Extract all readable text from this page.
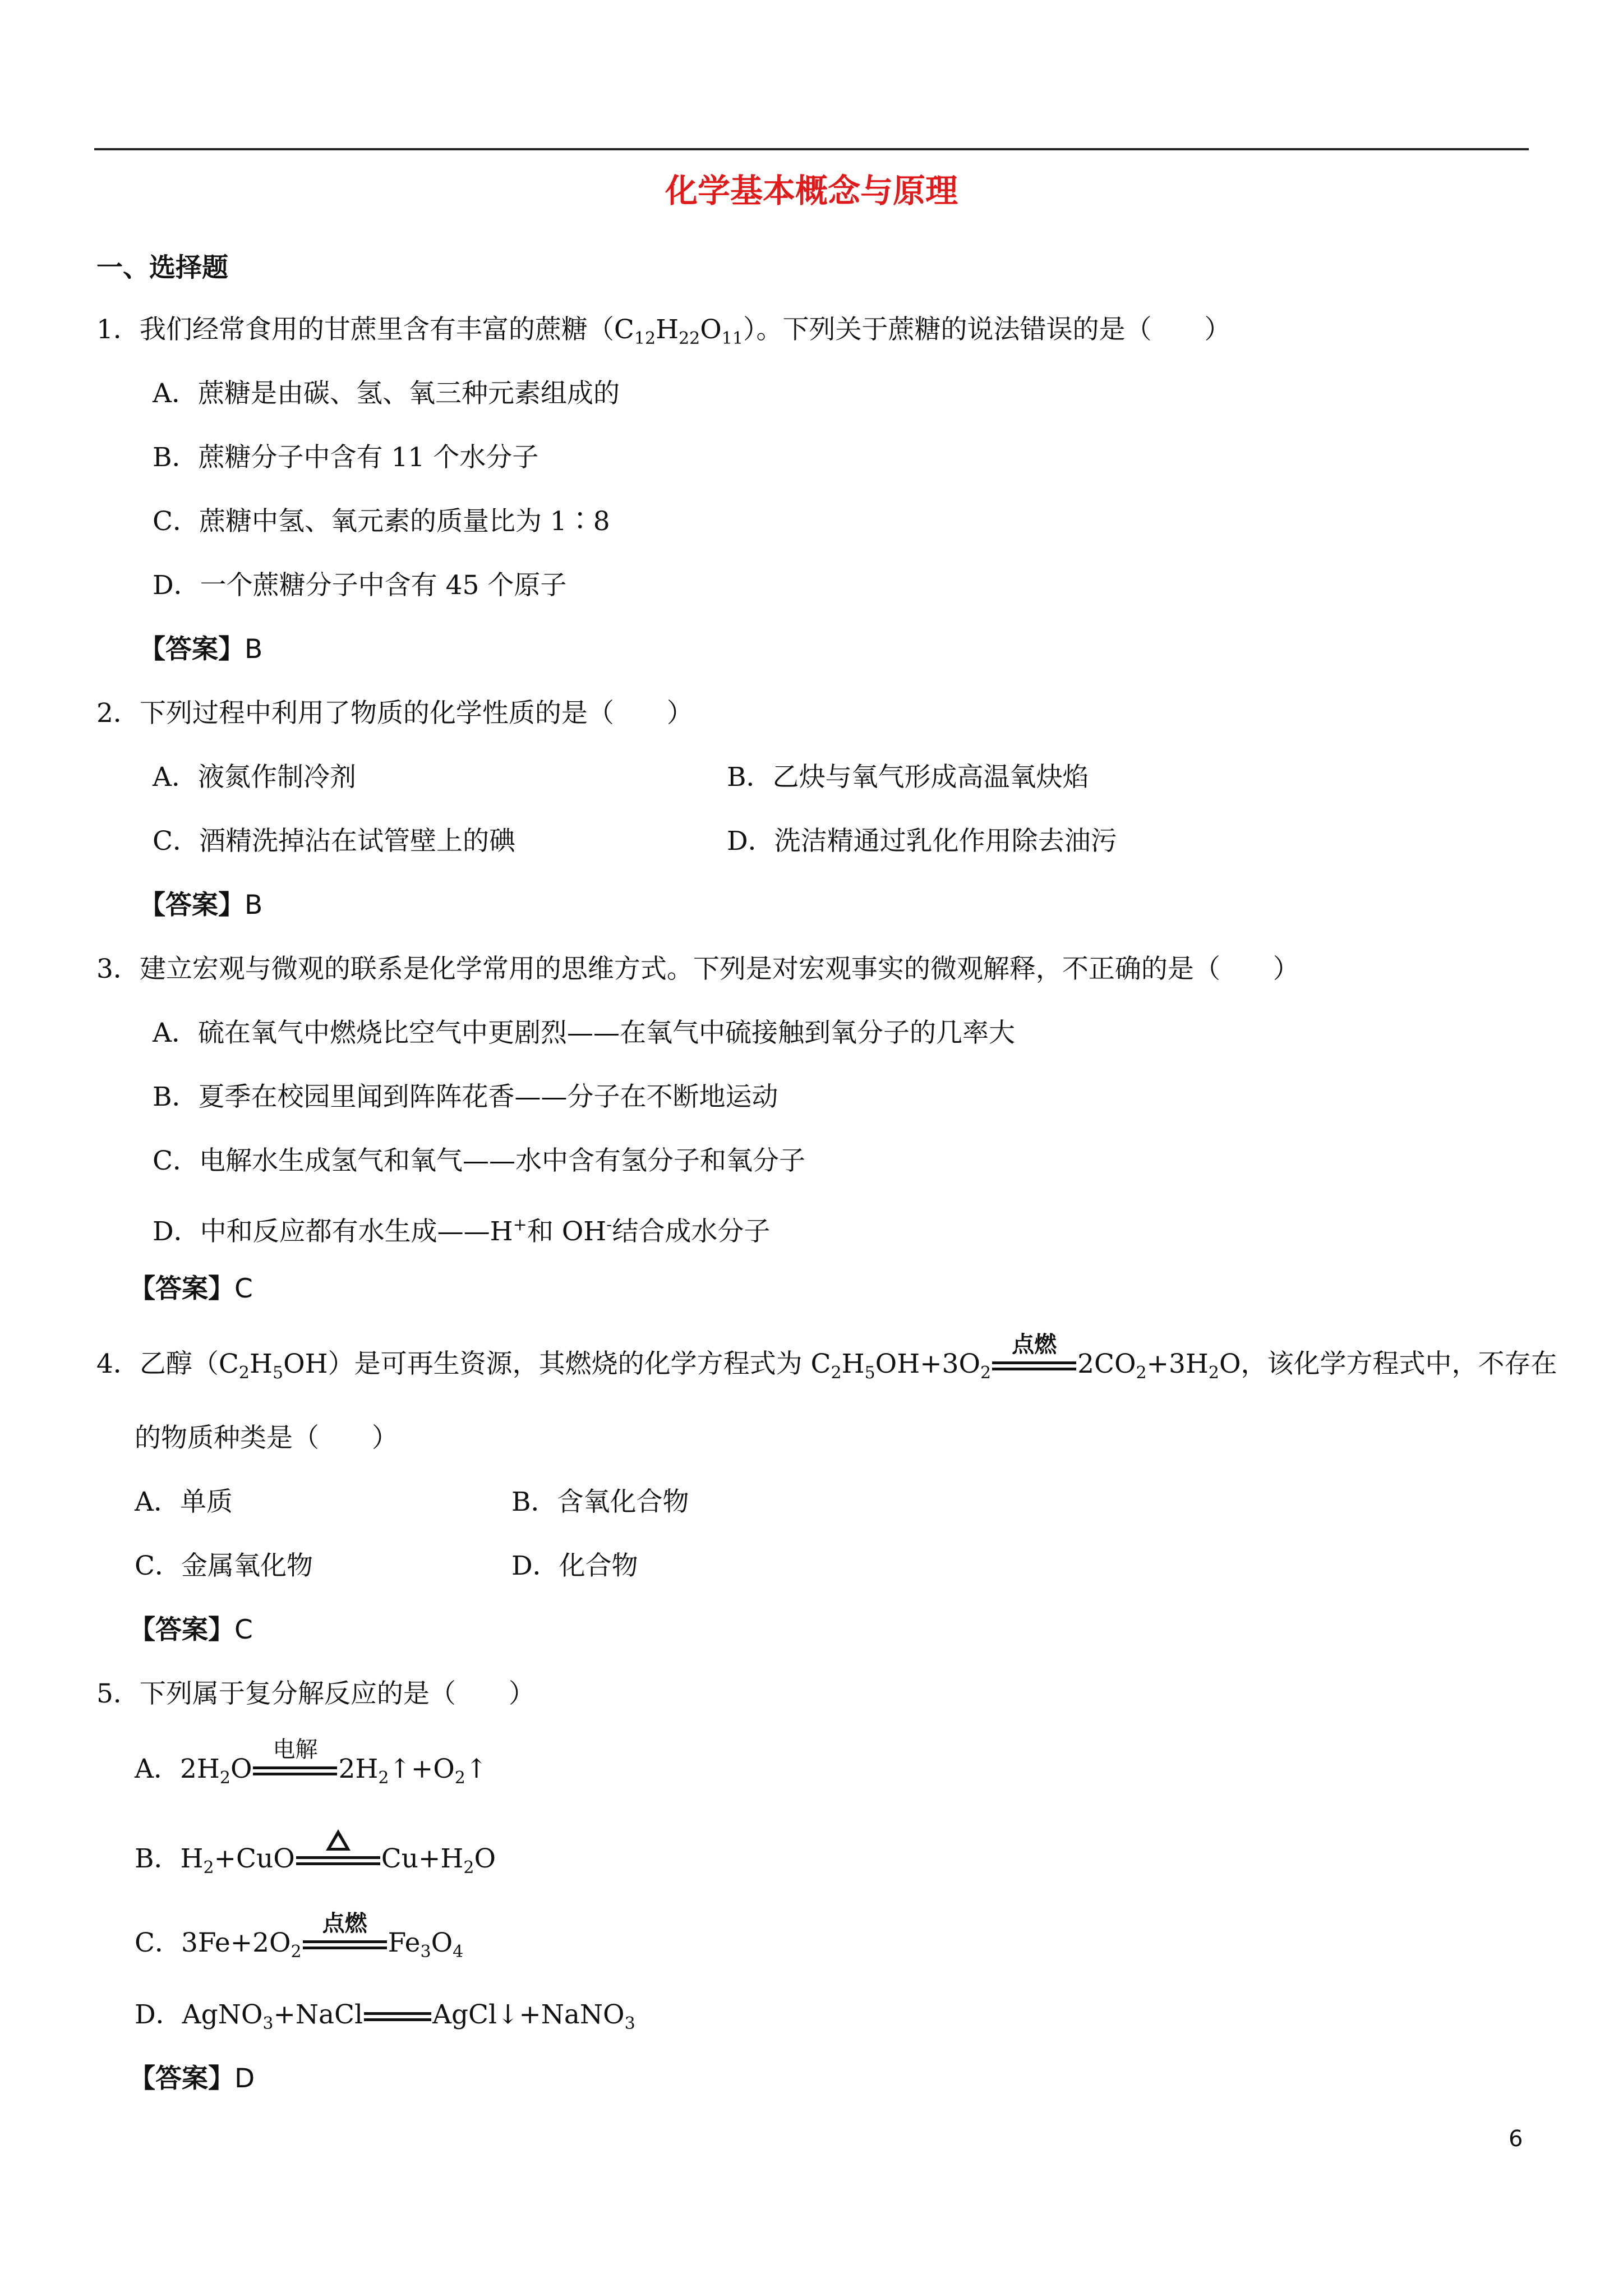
化学基本概念与原理
一、选择题
1．我们经常食用的甘蔗里含有丰富的蔗糖$(C_{12}H_{22}O_{11})$。下列关于蔗糖的说法错误的是（　　）
A．蔗糖是由碳、氢、氧三种元素组成的
B．蔗糖分子中含有 11 个水分子
C．蔗糖中氢、氧元素的质量比为 1∶8
D．一个蔗糖分子中含有 45 个原子
【答案】B
2．下列过程中利用了物质的化学性质的是（　　）
A．液氮作制冷剂	B．乙炔与氧气形成高温氧炔焰
C．酒精洗掉沾在试管壁上的碘	D．洗洁精通过乳化作用除去油污
【答案】B
3．建立宏观与微观的联系是化学常用的思维方式。下列是对宏观事实的微观解释，不正确的是（　　）
A．硫在氧气中燃烧比空气中更剧烈——在氧气中硫接触到氧分子的几率大
B．夏季在校园里闻到阵阵花香——分子在不断地运动
C．电解水生成氢气和氧气——水中含有氢分子和氧分子
D．中和反应都有水生成——H+和 OH-结合成水分子
【答案】C
4．乙醇$(C_2H_5OH)$是可再生资源，其燃烧的化学方程式为 $C_2H_5OH+3O_2$
点燃
$2CO_2+3H_2O$，该化学方程式中，不存在
的物质种类是（　　）
A．单质	B．含氧化合物
C．金属氧化物	D．化合物
【答案】C
5．下列属于复分解反应的是（　　）
A．$2H_2O$
电解
$2H_2↑+O_2↑$
B．$H_2+CuO$	$Cu+H_2O$
C．$3Fe+2O_2$
点燃
$Fe_3O_4$
D．AgNO$_3$+NaCl	AgCl↓+NaNO$_3$
【答案】D
6
